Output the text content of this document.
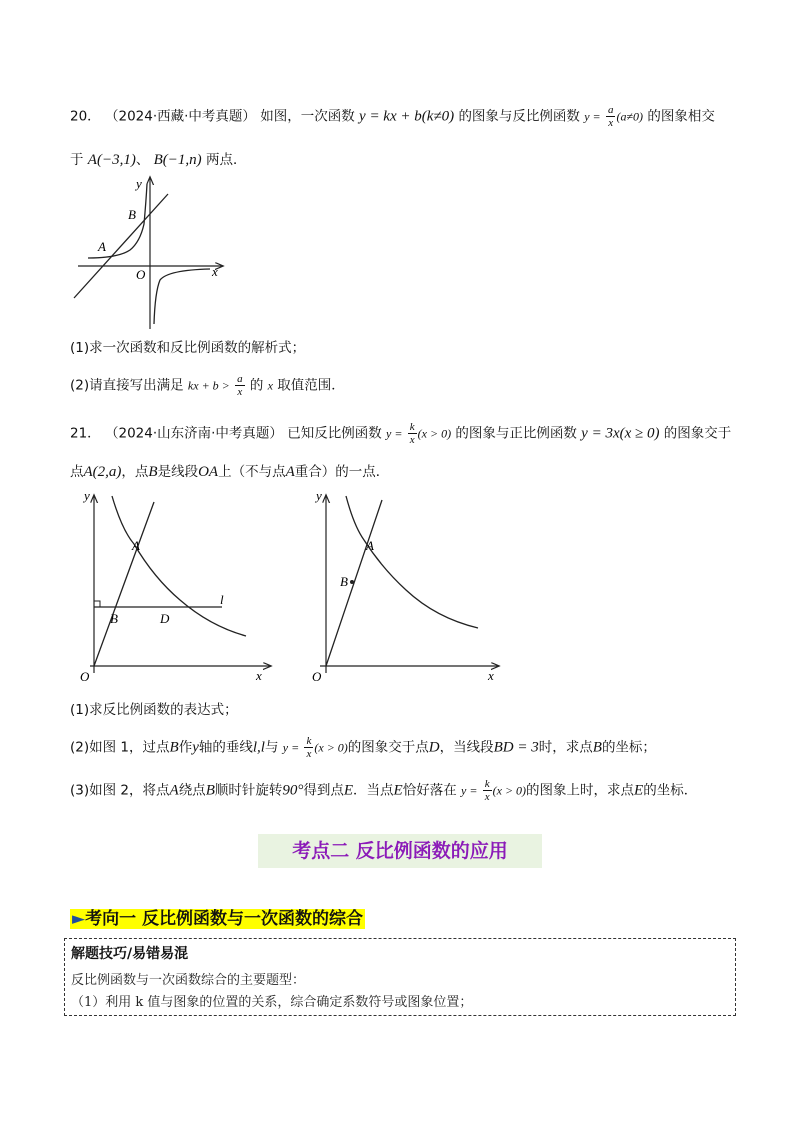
20． （2024·西藏·中考真题） 如图，一次函数 y = kx + b(k≠0) 的图象与反比例函数 $y = \frac{a}{x} (a\ne 0)$ 的图象相交
于 A(−3,1)、 B(−1,n) 两点．
y
x
O
A
B
(1)求一次函数和反比例函数的解析式；
(2)请直接写出满足 kx + $b > \frac{a}{x}$ 的 x 取值范围．
21． （2024·山东济南·中考真题） 已知反比例函数 $y = \frac{k}{x} (x > 0)$ 的图象与正比例函数 y = 3x(x ≥ 0) 的图象交于
点A(2,a)，点B是线段OA上（不与点A重合）的一点．
y
x
O
A
B	D
l
y
x
O
A
B
(1)求反比例函数的表达式；
(2)如图 1，过点B作y轴的垂线l,l与 $y = \frac{k}{x} (x > 0)$的图象交于点D，当线段BD = 3时，求点B的坐标；
(3)如图 2，将点A绕点B顺时针旋转90°得到点E．当点E恰好落在 $y = \frac{k}{x} (x > 0)$的图象上时，求点E的坐标．
考点二 反比例函数的应用
►考向一 反比例函数与一次函数的综合
解题技巧/易错易混
反比例函数与一次函数综合的主要题型：
（1）利用 k 值与图象的位置的关系，综合确定系数符号或图象位置；
